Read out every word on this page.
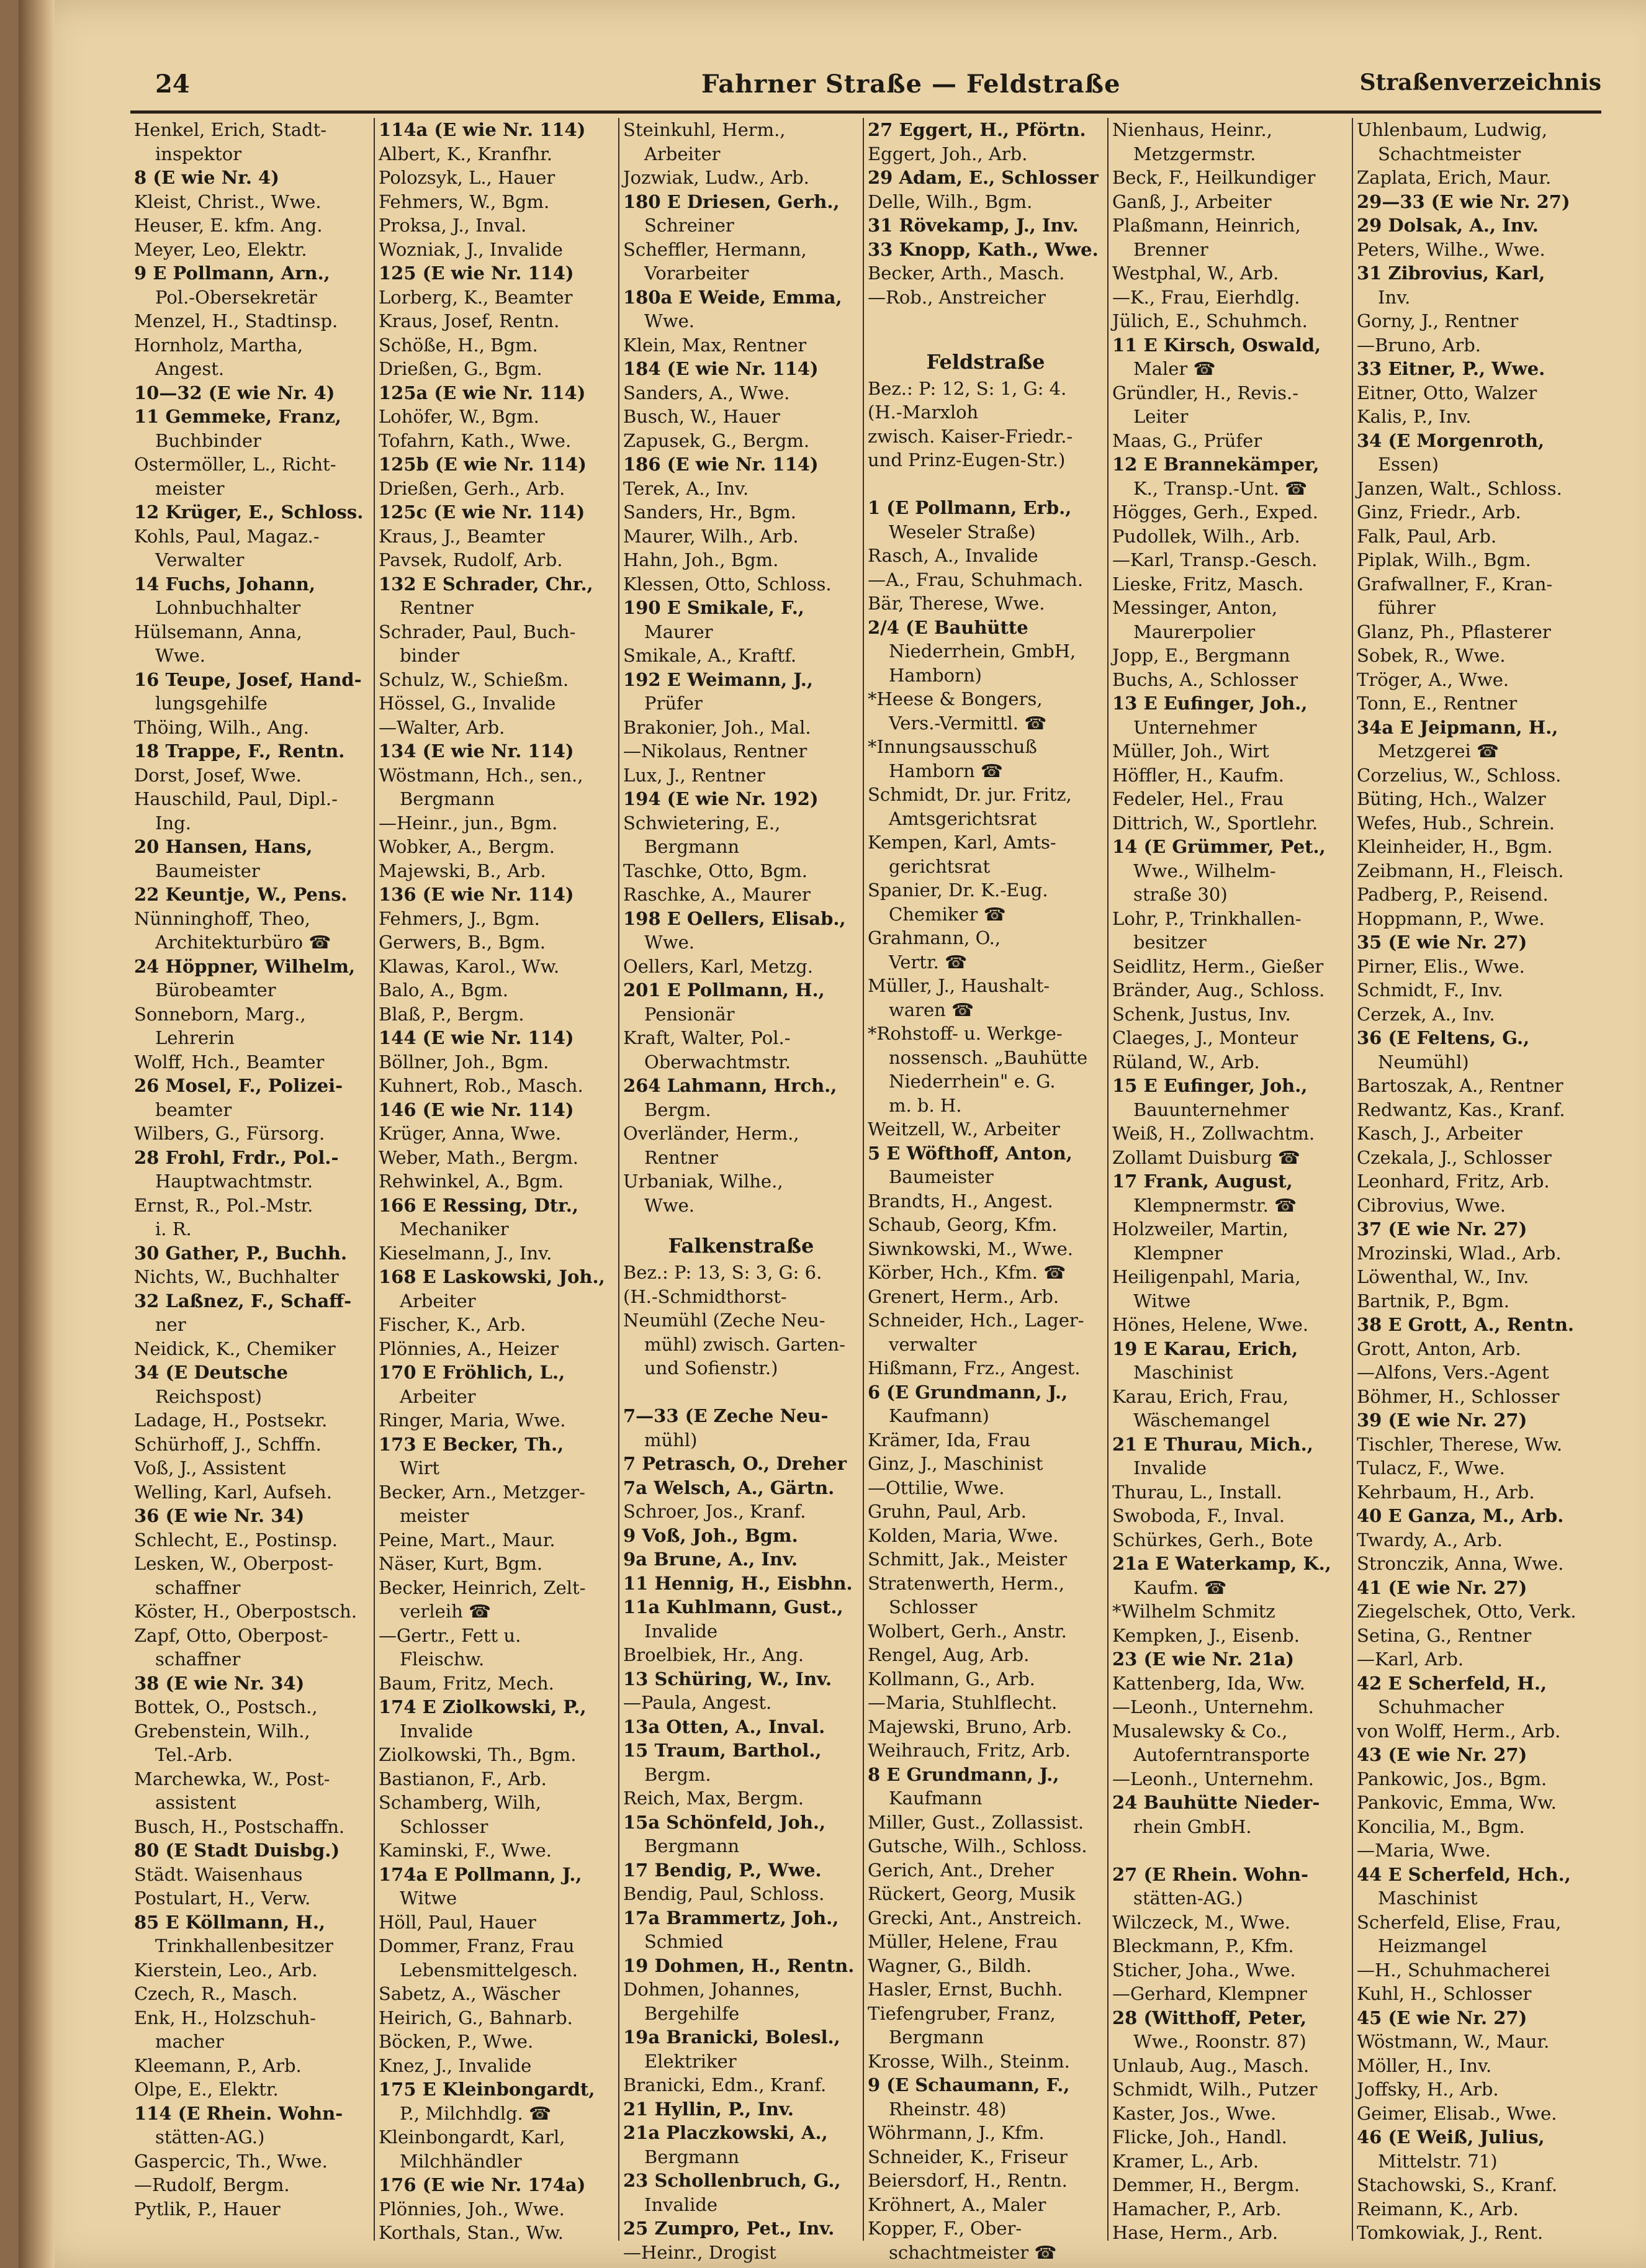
24	Fahrner Straße — Feldstraße	Straßenverzeichnis
Henkel, Erich, Stadt-
inspektor
8 (E wie Nr. 4)
Kleist, Christ., Wwe.
Heuser, E. kfm. Ang.
Meyer, Leo, Elektr.
9 E Pollmann, Arn.,
Pol.-Obersekretär
Menzel, H., Stadtinsp.
Hornholz, Martha,
Angest.
10—32 (E wie Nr. 4)
11 Gemmeke, Franz,
Buchbinder
Ostermöller, L., Richt-
meister
12 Krüger, E., Schloss.
Kohls, Paul, Magaz.-
Verwalter
14 Fuchs, Johann,
Lohnbuchhalter
Hülsemann, Anna,
Wwe.
16 Teupe, Josef, Hand-
lungsgehilfe
Thöing, Wilh., Ang.
18 Trappe, F., Rentn.
Dorst, Josef, Wwe.
Hauschild, Paul, Dipl.-
Ing.
20 Hansen, Hans,
Baumeister
22 Keuntje, W., Pens.
Nünninghoff, Theo,
Architekturbüro ☎
24 Höppner, Wilhelm,
Bürobeamter
Sonneborn, Marg.,
Lehrerin
Wolff, Hch., Beamter
26 Mosel, F., Polizei-
beamter
Wilbers, G., Fürsorg.
28 Frohl, Frdr., Pol.-
Hauptwachtmstr.
Ernst, R., Pol.-Mstr.
i. R.
30 Gather, P., Buchh.
Nichts, W., Buchhalter
32 Laßnez, F., Schaff-
ner
Neidick, K., Chemiker
34 (E Deutsche
Reichspost)
Ladage, H., Postsekr.
Schürhoff, J., Schffn.
Voß, J., Assistent
Welling, Karl, Aufseh.
36 (E wie Nr. 34)
Schlecht, E., Postinsp.
Lesken, W., Oberpost-
schaffner
Köster, H., Oberpostsch.
Zapf, Otto, Oberpost-
schaffner
38 (E wie Nr. 34)
Bottek, O., Postsch.,
Grebenstein, Wilh.,
Tel.-Arb.
Marchewka, W., Post-
assistent
Busch, H., Postschaffn.
80 (E Stadt Duisbg.)
Städt. Waisenhaus
Postulart, H., Verw.
85 E Köllmann, H.,
Trinkhallenbesitzer
Kierstein, Leo., Arb.
Czech, R., Masch.
Enk, H., Holzschuh-
macher
Kleemann, P., Arb.
Olpe, E., Elektr.
114 (E Rhein. Wohn-
stätten-AG.)
Gaspercic, Th., Wwe.
—Rudolf, Bergm.
Pytlik, P., Hauer
114a (E wie Nr. 114)
Albert, K., Kranfhr.
Polozsyk, L., Hauer
Fehmers, W., Bgm.
Proksa, J., Inval.
Wozniak, J., Invalide
125 (E wie Nr. 114)
Lorberg, K., Beamter
Kraus, Josef, Rentn.
Schöße, H., Bgm.
Drießen, G., Bgm.
125a (E wie Nr. 114)
Lohöfer, W., Bgm.
Tofahrn, Kath., Wwe.
125b (E wie Nr. 114)
Drießen, Gerh., Arb.
125c (E wie Nr. 114)
Kraus, J., Beamter
Pavsek, Rudolf, Arb.
132 E Schrader, Chr.,
Rentner
Schrader, Paul, Buch-
binder
Schulz, W., Schießm.
Hössel, G., Invalide
—Walter, Arb.
134 (E wie Nr. 114)
Wöstmann, Hch., sen.,
Bergmann
—Heinr., jun., Bgm.
Wobker, A., Bergm.
Majewski, B., Arb.
136 (E wie Nr. 114)
Fehmers, J., Bgm.
Gerwers, B., Bgm.
Klawas, Karol., Ww.
Balo, A., Bgm.
Blaß, P., Bergm.
144 (E wie Nr. 114)
Böllner, Joh., Bgm.
Kuhnert, Rob., Masch.
146 (E wie Nr. 114)
Krüger, Anna, Wwe.
Weber, Math., Bergm.
Rehwinkel, A., Bgm.
166 E Ressing, Dtr.,
Mechaniker
Kieselmann, J., Inv.
168 E Laskowski, Joh.,
Arbeiter
Fischer, K., Arb.
Plönnies, A., Heizer
170 E Fröhlich, L.,
Arbeiter
Ringer, Maria, Wwe.
173 E Becker, Th.,
Wirt
Becker, Arn., Metzger-
meister
Peine, Mart., Maur.
Näser, Kurt, Bgm.
Becker, Heinrich, Zelt-
verleih ☎
—Gertr., Fett u.
Fleischw.
Baum, Fritz, Mech.
174 E Ziolkowski, P.,
Invalide
Ziolkowski, Th., Bgm.
Bastianon, F., Arb.
Schamberg, Wilh,
Schlosser
Kaminski, F., Wwe.
174a E Pollmann, J.,
Witwe
Höll, Paul, Hauer
Dommer, Franz, Frau
Lebensmittelgesch.
Sabetz, A., Wäscher
Heirich, G., Bahnarb.
Böcken, P., Wwe.
Knez, J., Invalide
175 E Kleinbongardt,
P., Milchhdlg. ☎
Kleinbongardt, Karl,
Milchhändler
176 (E wie Nr. 174a)
Plönnies, Joh., Wwe.
Korthals, Stan., Ww.
Steinkuhl, Herm.,
Arbeiter
Jozwiak, Ludw., Arb.
180 E Driesen, Gerh.,
Schreiner
Scheffler, Hermann,
Vorarbeiter
180a E Weide, Emma,
Wwe.
Klein, Max, Rentner
184 (E wie Nr. 114)
Sanders, A., Wwe.
Busch, W., Hauer
Zapusek, G., Bergm.
186 (E wie Nr. 114)
Terek, A., Inv.
Sanders, Hr., Bgm.
Maurer, Wilh., Arb.
Hahn, Joh., Bgm.
Klessen, Otto, Schloss.
190 E Smikale, F.,
Maurer
Smikale, A., Kraftf.
192 E Weimann, J.,
Prüfer
Brakonier, Joh., Mal.
—Nikolaus, Rentner
Lux, J., Rentner
194 (E wie Nr. 192)
Schwietering, E.,
Bergmann
Taschke, Otto, Bgm.
Raschke, A., Maurer
198 E Oellers, Elisab.,
Wwe.
Oellers, Karl, Metzg.
201 E Pollmann, H.,
Pensionär
Kraft, Walter, Pol.-
Oberwachtmstr.
264 Lahmann, Hrch.,
Bergm.
Overländer, Herm.,
Rentner
Urbaniak, Wilhe.,
Wwe.
Falkenstraße
Bez.: P: 13, S: 3, G: 6.
(H.-Schmidthorst-
Neumühl (Zeche Neu-
mühl) zwisch. Garten-
und Sofienstr.)

7—33 (E Zeche Neu-
mühl)
7 Petrasch, O., Dreher
7a Welsch, A., Gärtn.
Schroer, Jos., Kranf.
9 Voß, Joh., Bgm.
9a Brune, A., Inv.
11 Hennig, H., Eisbhn.
11a Kuhlmann, Gust.,
Invalide
Broelbiek, Hr., Ang.
13 Schüring, W., Inv.
—Paula, Angest.
13a Otten, A., Inval.
15 Traum, Barthol.,
Bergm.
Reich, Max, Bergm.
15a Schönfeld, Joh.,
Bergmann
17 Bendig, P., Wwe.
Bendig, Paul, Schloss.
17a Brammertz, Joh.,
Schmied
19 Dohmen, H., Rentn.
Dohmen, Johannes,
Bergehilfe
19a Branicki, Bolesl.,
Elektriker
Branicki, Edm., Kranf.
21 Hyllin, P., Inv.
21a Placzkowski, A.,
Bergmann
23 Schollenbruch, G.,
Invalide
25 Zumpro, Pet., Inv.
—Heinr., Drogist
27 Eggert, H., Pförtn.
Eggert, Joh., Arb.
29 Adam, E., Schlosser
Delle, Wilh., Bgm.
31 Rövekamp, J., Inv.
33 Knopp, Kath., Wwe.
Becker, Arth., Masch.
—Rob., Anstreicher

Feldstraße
Bez.: P: 12, S: 1, G: 4.
(H.-Marxloh
zwisch. Kaiser-Friedr.-
und Prinz-Eugen-Str.)

1 (E Pollmann, Erb.,
Weseler Straße)
Rasch, A., Invalide
—A., Frau, Schuhmach.
Bär, Therese, Wwe.
2/4 (E Bauhütte
Niederrhein, GmbH,
Hamborn)
*Heese & Bongers,
Vers.-Vermittl. ☎
*Innungsausschuß
Hamborn ☎
Schmidt, Dr. jur. Fritz,
Amtsgerichtsrat
Kempen, Karl, Amts-
gerichtsrat
Spanier, Dr. K.-Eug.
Chemiker ☎
Grahmann, O.,
Vertr. ☎
Müller, J., Haushalt-
waren ☎
*Rohstoff- u. Werkge-
nossensch. „Bauhütte
Niederrhein" e. G.
m. b. H.
Weitzell, W., Arbeiter
5 E Wöfthoff, Anton,
Baumeister
Brandts, H., Angest.
Schaub, Georg, Kfm.
Siwnkowski, M., Wwe.
Körber, Hch., Kfm. ☎
Grenert, Herm., Arb.
Schneider, Hch., Lager-
verwalter
Hißmann, Frz., Angest.
6 (E Grundmann, J.,
Kaufmann)
Krämer, Ida, Frau
Ginz, J., Maschinist
—Ottilie, Wwe.
Gruhn, Paul, Arb.
Kolden, Maria, Wwe.
Schmitt, Jak., Meister
Stratenwerth, Herm.,
Schlosser
Wolbert, Gerh., Anstr.
Rengel, Aug, Arb.
Kollmann, G., Arb.
—Maria, Stuhlflecht.
Majewski, Bruno, Arb.
Weihrauch, Fritz, Arb.
8 E Grundmann, J.,
Kaufmann
Miller, Gust., Zollassist.
Gutsche, Wilh., Schloss.
Gerich, Ant., Dreher
Rückert, Georg, Musik
Grecki, Ant., Anstreich.
Müller, Helene, Frau
Wagner, G., Bildh.
Hasler, Ernst, Buchh.
Tiefengruber, Franz,
Bergmann
Krosse, Wilh., Steinm.
9 (E Schaumann, F.,
Rheinstr. 48)
Wöhrmann, J., Kfm.
Schneider, K., Friseur
Beiersdorf, H., Rentn.
Kröhnert, A., Maler
Kopper, F., Ober-
schachtmeister ☎
Nienhaus, Heinr.,
Metzgermstr.
Beck, F., Heilkundiger
Ganß, J., Arbeiter
Plaßmann, Heinrich,
Brenner
Westphal, W., Arb.
—K., Frau, Eierhdlg.
Jülich, E., Schuhmch.
11 E Kirsch, Oswald,
Maler ☎
Gründler, H., Revis.-
Leiter
Maas, G., Prüfer
12 E Brannekämper,
K., Transp.-Unt. ☎
Högges, Gerh., Exped.
Pudollek, Wilh., Arb.
—Karl, Transp.-Gesch.
Lieske, Fritz, Masch.
Messinger, Anton,
Maurerpolier
Jopp, E., Bergmann
Buchs, A., Schlosser
13 E Eufinger, Joh.,
Unternehmer
Müller, Joh., Wirt
Höffler, H., Kaufm.
Fedeler, Hel., Frau
Dittrich, W., Sportlehr.
14 (E Grümmer, Pet.,
Wwe., Wilhelm-
straße 30)
Lohr, P., Trinkhallen-
besitzer
Seidlitz, Herm., Gießer
Bränder, Aug., Schloss.
Schenk, Justus, Inv.
Claeges, J., Monteur
Rüland, W., Arb.
15 E Eufinger, Joh.,
Bauunternehmer
Weiß, H., Zollwachtm.
Zollamt Duisburg ☎
17 Frank, August,
Klempnermstr. ☎
Holzweiler, Martin,
Klempner
Heiligenpahl, Maria,
Witwe
Hönes, Helene, Wwe.
19 E Karau, Erich,
Maschinist
Karau, Erich, Frau,
Wäschemangel
21 E Thurau, Mich.,
Invalide
Thurau, L., Install.
Swoboda, F., Inval.
Schürkes, Gerh., Bote
21a E Waterkamp, K.,
Kaufm. ☎
*Wilhelm Schmitz
Kempken, J., Eisenb.
23 (E wie Nr. 21a)
Kattenberg, Ida, Ww.
—Leonh., Unternehm.
Musalewsky & Co.,
Autoferntransporte
—Leonh., Unternehm.
24 Bauhütte Nieder-
rhein GmbH.

27 (E Rhein. Wohn-
stätten-AG.)
Wilczeck, M., Wwe.
Bleckmann, P., Kfm.
Sticher, Joha., Wwe.
—Gerhard, Klempner
28 (Witthoff, Peter,
Wwe., Roonstr. 87)
Unlaub, Aug., Masch.
Schmidt, Wilh., Putzer
Kaster, Jos., Wwe.
Flicke, Joh., Handl.
Kramer, L., Arb.
Demmer, H., Bergm.
Hamacher, P., Arb.
Hase, Herm., Arb.
Uhlenbaum, Ludwig,
Schachtmeister
Zaplata, Erich, Maur.
29—33 (E wie Nr. 27)
29 Dolsak, A., Inv.
Peters, Wilhe., Wwe.
31 Zibrovius, Karl,
Inv.
Gorny, J., Rentner
—Bruno, Arb.
33 Eitner, P., Wwe.
Eitner, Otto, Walzer
Kalis, P., Inv.
34 (E Morgenroth,
Essen)
Janzen, Walt., Schloss.
Ginz, Friedr., Arb.
Falk, Paul, Arb.
Piplak, Wilh., Bgm.
Grafwallner, F., Kran-
führer
Glanz, Ph., Pflasterer
Sobek, R., Wwe.
Tröger, A., Wwe.
Tonn, E., Rentner
34a E Jeipmann, H.,
Metzgerei ☎
Corzelius, W., Schloss.
Büting, Hch., Walzer
Wefes, Hub., Schrein.
Kleinheider, H., Bgm.
Zeibmann, H., Fleisch.
Padberg, P., Reisend.
Hoppmann, P., Wwe.
35 (E wie Nr. 27)
Pirner, Elis., Wwe.
Schmidt, F., Inv.
Cerzek, A., Inv.
36 (E Feltens, G.,
Neumühl)
Bartoszak, A., Rentner
Redwantz, Kas., Kranf.
Kasch, J., Arbeiter
Czekala, J., Schlosser
Leonhard, Fritz, Arb.
Cibrovius, Wwe.
37 (E wie Nr. 27)
Mrozinski, Wlad., Arb.
Löwenthal, W., Inv.
Bartnik, P., Bgm.
38 E Grott, A., Rentn.
Grott, Anton, Arb.
—Alfons, Vers.-Agent
Böhmer, H., Schlosser
39 (E wie Nr. 27)
Tischler, Therese, Ww.
Tulacz, F., Wwe.
Kehrbaum, H., Arb.
40 E Ganza, M., Arb.
Twardy, A., Arb.
Stronczik, Anna, Wwe.
41 (E wie Nr. 27)
Ziegelschek, Otto, Verk.
Setina, G., Rentner
—Karl, Arb.
42 E Scherfeld, H.,
Schuhmacher
von Wolff, Herm., Arb.
43 (E wie Nr. 27)
Pankowic, Jos., Bgm.
Pankovic, Emma, Ww.
Koncilia, M., Bgm.
—Maria, Wwe.
44 E Scherfeld, Hch.,
Maschinist
Scherfeld, Elise, Frau,
Heizmangel
—H., Schuhmacherei
Kuhl, H., Schlosser
45 (E wie Nr. 27)
Wöstmann, W., Maur.
Möller, H., Inv.
Joffsky, H., Arb.
Geimer, Elisab., Wwe.
46 (E Weiß, Julius,
Mittelstr. 71)
Stachowski, S., Kranf.
Reimann, K., Arb.
Tomkowiak, J., Rent.
